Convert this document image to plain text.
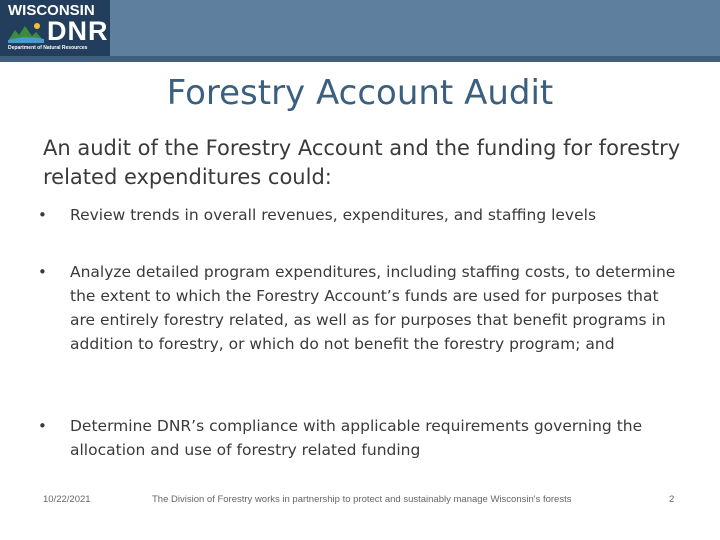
WISCONSIN
DNR
Department of Natural Resources
Forestry Account Audit
An audit of the Forestry Account and the funding for forestry related expenditures could:
•	Review trends in overall revenues, expenditures, and staffing levels
•	Analyze detailed program expenditures, including staffing costs, to determine the extent to which the Forestry Account’s funds are used for purposes that are entirely forestry related, as well as for purposes that benefit programs in addition to forestry, or which do not benefit the forestry program; and
•	Determine DNR’s compliance with applicable requirements governing the allocation and use of forestry related funding
10/22/2021	The Division of Forestry works in partnership to protect and sustainably manage Wisconsin's forests	2
